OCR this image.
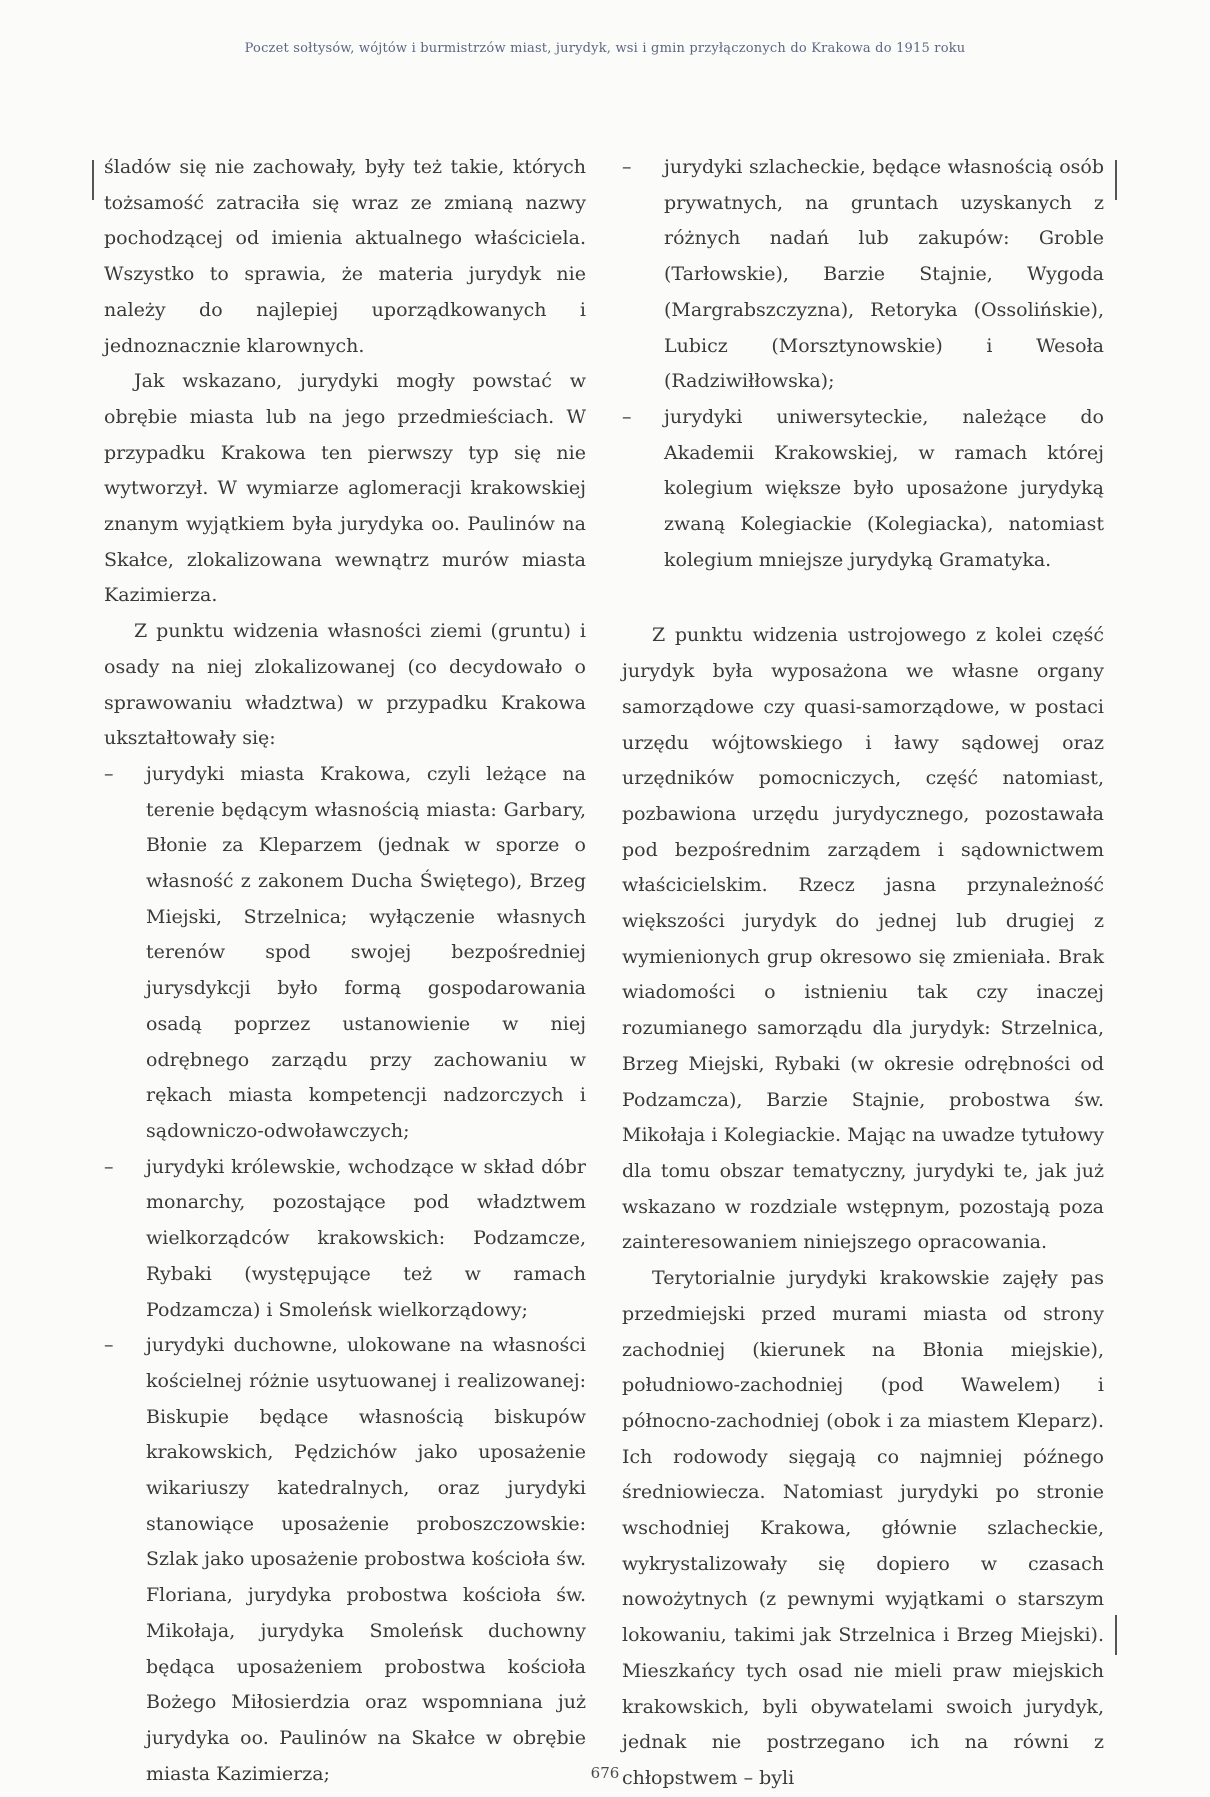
Poczet sołtysów, wójtów i burmistrzów miast, jurydyk, wsi i gmin przyłączonych do Krakowa do 1915 roku

śladów się nie zachowały, były też takie, których tożsamość zatraciła się wraz ze zmianą nazwy pochodzącej od imienia aktualnego właściciela. Wszystko to sprawia, że materia jurydyk nie należy do najlepiej uporządkowanych i jednoznacznie klarownych.

Jak wskazano, jurydyki mogły powstać w obrębie miasta lub na jego przedmieściach. W przypadku Krakowa ten pierwszy typ się nie wytworzył. W wymiarze aglomeracji krakowskiej znanym wyjątkiem była jurydyka oo. Paulinów na Skałce, zlokalizowana wewnątrz murów miasta Kazimierza.

Z punktu widzenia własności ziemi (gruntu) i osady na niej zlokalizowanej (co decydowało o sprawowaniu władztwa) w przypadku Krakowa ukształtowały się:

– jurydyki miasta Krakowa, czyli leżące na terenie będącym własnością miasta: Garbary, Błonie za Kleparzem (jednak w sporze o własność z zakonem Ducha Świętego), Brzeg Miejski, Strzelnica; wyłączenie własnych terenów spod swojej bezpośredniej jurysdykcji było formą gospodarowania osadą poprzez ustanowienie w niej odrębnego zarządu przy zachowaniu w rękach miasta kompetencji nadzorczych i sądowniczo-odwoławczych;
– jurydyki królewskie, wchodzące w skład dóbr monarchy, pozostające pod władztwem wielkorządców krakowskich: Podzamcze, Rybaki (występujące też w ramach Podzamcza) i Smoleńsk wielkorządowy;
– jurydyki duchowne, ulokowane na własności kościelnej różnie usytuowanej i realizowanej: Biskupie będące własnością biskupów krakowskich, Pędzichów jako uposażenie wikariuszy katedralnych, oraz jurydyki stanowiące uposażenie proboszczowskie: Szlak jako uposażenie probostwa kościoła św. Floriana, jurydyka probostwa kościoła św. Mikołaja, jurydyka Smoleńsk duchowny będąca uposażeniem probostwa kościoła Bożego Miłosierdzia oraz wspomniana już jurydyka oo. Paulinów na Skałce w obrębie miasta Kazimierza;
– jurydyki szlacheckie, będące własnością osób prywatnych, na gruntach uzyskanych z różnych nadań lub zakupów: Groble (Tarłowskie), Barzie Stajnie, Wygoda (Margrabszczyzna), Retoryka (Ossolińskie), Lubicz (Morsztynowskie) i Wesoła (Radziwiłłowska);
– jurydyki uniwersyteckie, należące do Akademii Krakowskiej, w ramach której kolegium większe było uposażone jurydyką zwaną Kolegiackie (Kolegiacka), natomiast kolegium mniejsze jurydyką Gramatyka.

Z punktu widzenia ustrojowego z kolei część jurydyk była wyposażona we własne organy samorządowe czy quasi-samorządowe, w postaci urzędu wójtowskiego i ławy sądowej oraz urzędników pomocniczych, część natomiast, pozbawiona urzędu jurydycznego, pozostawała pod bezpośrednim zarządem i sądownictwem właścicielskim. Rzecz jasna przynależność większości jurydyk do jednej lub drugiej z wymienionych grup okresowo się zmieniała. Brak wiadomości o istnieniu tak czy inaczej rozumianego samorządu dla jurydyk: Strzelnica, Brzeg Miejski, Rybaki (w okresie odrębności od Podzamcza), Barzie Stajnie, probostwa św. Mikołaja i Kolegiackie. Mając na uwadze tytułowy dla tomu obszar tematyczny, jurydyki te, jak już wskazano w rozdziale wstępnym, pozostają poza zainteresowaniem niniejszego opracowania.

Terytorialnie jurydyki krakowskie zajęły pas przedmiejski przed murami miasta od strony zachodniej (kierunek na Błonia miejskie), południowo-zachodniej (pod Wawelem) i północno-zachodniej (obok i za miastem Kleparz). Ich rodowody sięgają co najmniej późnego średniowiecza. Natomiast jurydyki po stronie wschodniej Krakowa, głównie szlacheckie, wykrystalizowały się dopiero w czasach nowożytnych (z pewnymi wyjątkami o starszym lokowaniu, takimi jak Strzelnica i Brzeg Miejski). Mieszkańcy tych osad nie mieli praw miejskich krakowskich, byli obywatelami swoich jurydyk, jednak nie postrzegano ich na równi z chłopstwem – byli

676
